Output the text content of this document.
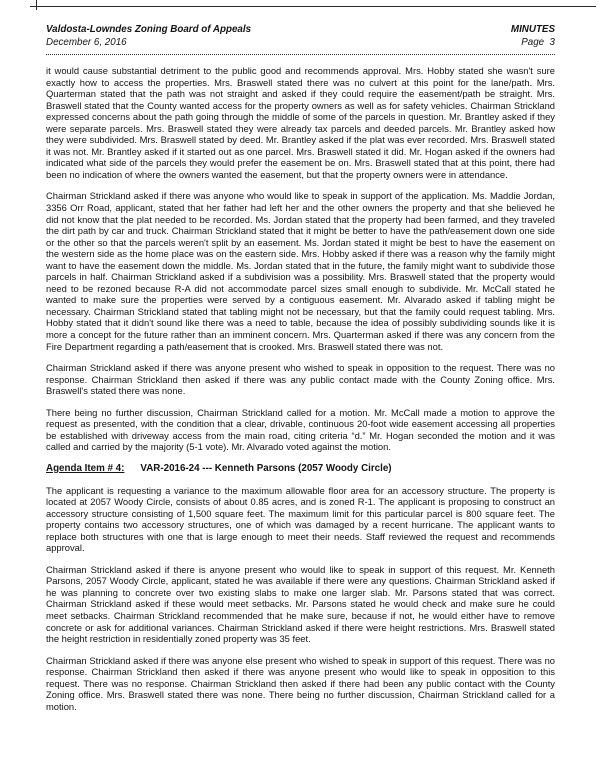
Valdosta-Lowndes Zoning Board of Appeals	MINUTES
December 6, 2016	Page  3

it would cause substantial detriment to the public good and recommends approval. Mrs. Hobby stated she wasn't sure exactly how to access the properties. Mrs. Braswell stated there was no culvert at this point for the lane/path. Mrs. Quarterman stated that the path was not straight and asked if they could require the easement/path be straight. Mrs. Braswell stated that the County wanted access for the property owners as well as for safety vehicles. Chairman Strickland expressed concerns about the path going through the middle of some of the parcels in question. Mr. Brantley asked if they were separate parcels. Mrs. Braswell stated they were already tax parcels and deeded parcels. Mr. Brantley asked how they were subdivided. Mrs. Braswell stated by deed. Mr. Brantley asked if the plat was ever recorded. Mrs. Braswell stated it was not. Mr. Brantley asked if it started out as one parcel. Mrs. Braswell stated it did. Mr. Hogan asked if the owners had indicated what side of the parcels they would prefer the easement be on. Mrs. Braswell stated that at this point, there had been no indication of where the owners wanted the easement, but that the property owners were in attendance.

Chairman Strickland asked if there was anyone who would like to speak in support of the application. Ms. Maddie Jordan, 3356 Orr Road, applicant, stated that her father had left her and the other owners the property and that she believed he did not know that the plat needed to be recorded. Ms. Jordan stated that the property had been farmed, and they traveled the dirt path by car and truck. Chairman Strickland stated that it might be better to have the path/easement down one side or the other so that the parcels weren't split by an easement. Ms. Jordan stated it might be best to have the easement on the western side as the home place was on the eastern side. Mrs. Hobby asked if there was a reason why the family might want to have the easement down the middle. Ms. Jordan stated that in the future, the family might want to subdivide those parcels in half. Chairman Strickland asked if a subdivision was a possibility. Mrs. Braswell stated that the property would need to be rezoned because R-A did not accommodate parcel sizes small enough to subdivide. Mr. McCall stated he wanted to make sure the properties were served by a contiguous easement. Mr. Alvarado asked if tabling might be necessary. Chairman Strickland stated that tabling might not be necessary, but that the family could request tabling. Mrs. Hobby stated that it didn't sound like there was a need to table, because the idea of possibly subdividing sounds like it is more a concept for the future rather than an imminent concern. Mrs. Quarterman asked if there was any concern from the Fire Department regarding a path/easement that is crooked. Mrs. Braswell stated there was not.

Chairman Strickland asked if there was anyone present who wished to speak in opposition to the request. There was no response. Chairman Strickland then asked if there was any public contact made with the County Zoning office. Mrs. Braswell's stated there was none.

There being no further discussion, Chairman Strickland called for a motion. Mr. McCall made a motion to approve the request as presented, with the condition that a clear, drivable, continuous 20-foot wide easement accessing all properties be established with driveway access from the main road, citing criteria “d.” Mr. Hogan seconded the motion and it was called and carried by the majority (5-1 vote). Mr. Alvarado voted against the motion.

Agenda Item # 4: VAR-2016-24 --- Kenneth Parsons (2057 Woody Circle)

The applicant is requesting a variance to the maximum allowable floor area for an accessory structure. The property is located at 2057 Woody Circle, consists of about 0.85 acres, and is zoned R-1. The applicant is proposing to construct an accessory structure consisting of 1,500 square feet. The maximum limit for this particular parcel is 800 square feet. The property contains two accessory structures, one of which was damaged by a recent hurricane. The applicant wants to replace both structures with one that is large enough to meet their needs. Staff reviewed the request and recommends approval.

Chairman Strickland asked if there is anyone present who would like to speak in support of this request. Mr. Kenneth Parsons, 2057 Woody Circle, applicant, stated he was available if there were any questions. Chairman Strickland asked if he was planning to concrete over two existing slabs to make one larger slab. Mr. Parsons stated that was correct. Chairman Strickland asked if these would meet setbacks. Mr. Parsons stated he would check and make sure he could meet setbacks. Chairman Strickland recommended that he make sure, because if not, he would either have to remove concrete or ask for additional variances. Chairman Strickland asked if there were height restrictions. Mrs. Braswell stated the height restriction in residentially zoned property was 35 feet.

Chairman Strickland asked if there was anyone else present who wished to speak in support of this request. There was no response. Chairman Strickland then asked if there was anyone present who would like to speak in opposition to this request. There was no response. Chairman Strickland then asked if there had been any public contact with the County Zoning office. Mrs. Braswell stated there was none. There being no further discussion, Chairman Strickland called for a motion.
